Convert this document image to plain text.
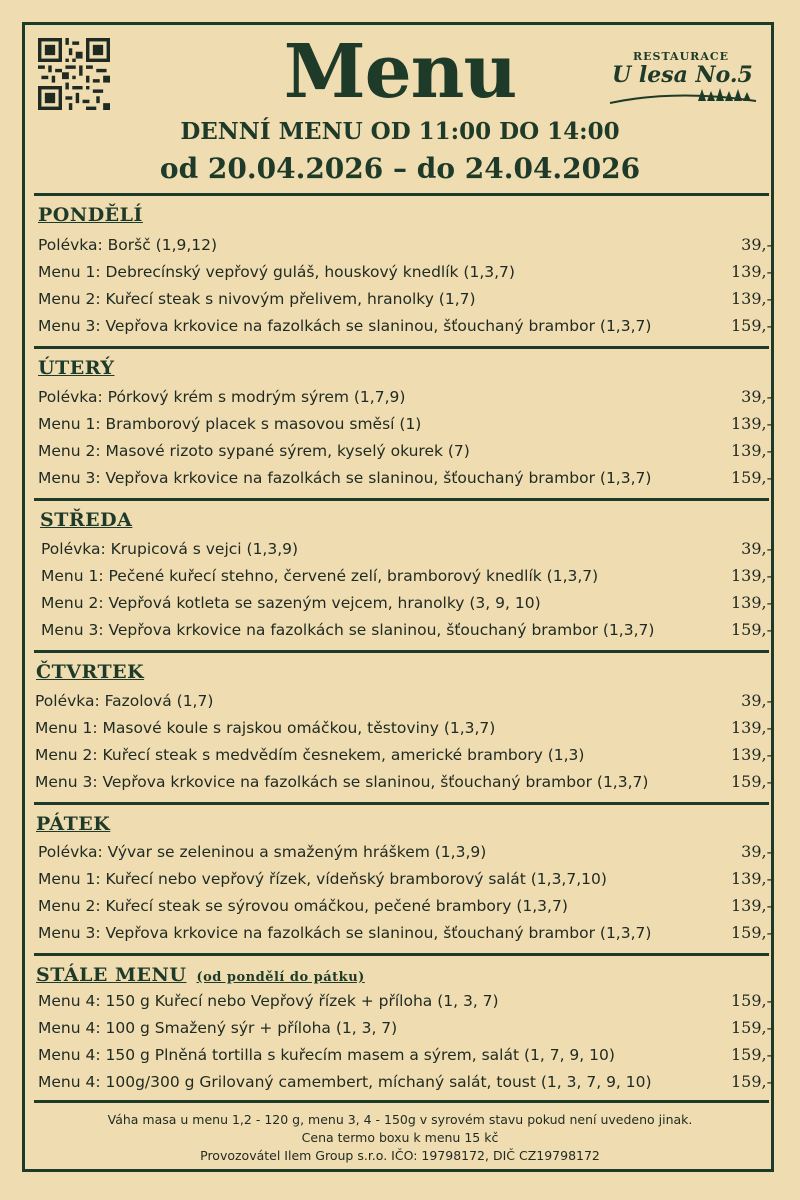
Menu	RESTAURACE
U lesa No.5
DENNÍ MENU OD 11:00 DO 14:00
od 20.04.2026 – do 24.04.2026
PONDĚLÍ
Polévka: Boršč (1,9,12)	39,-
Menu 1: Debrecínský vepřový guláš, houskový knedlík (1,3,7)	139,-
Menu 2: Kuřecí steak s nivovým přelivem, hranolky (1,7)	139,-
Menu 3: Vepřova krkovice na fazolkách se slaninou, šťouchaný brambor (1,3,7)	159,-
ÚTERÝ
Polévka: Pórkový krém s modrým sýrem (1,7,9)	39,-
Menu 1: Bramborový placek s masovou směsí (1)	139,-
Menu 2: Masové rizoto sypané sýrem, kyselý okurek (7)	139,-
Menu 3: Vepřova krkovice na fazolkách se slaninou, šťouchaný brambor (1,3,7)	159,-
STŘEDA
Polévka: Krupicová s vejci (1,3,9)	39,-
Menu 1: Pečené kuřecí stehno, červené zelí, bramborový knedlík (1,3,7)	139,-
Menu 2: Vepřová kotleta se sazeným vejcem, hranolky (3, 9, 10)	139,-
Menu 3: Vepřova krkovice na fazolkách se slaninou, šťouchaný brambor (1,3,7)	159,-
ČTVRTEK
Polévka: Fazolová (1,7)	39,-
Menu 1: Masové koule s rajskou omáčkou, těstoviny (1,3,7)	139,-
Menu 2: Kuřecí steak s medvědím česnekem, americké brambory (1,3)	139,-
Menu 3: Vepřova krkovice na fazolkách se slaninou, šťouchaný brambor (1,3,7)	159,-
PÁTEK
Polévka: Vývar se zeleninou a smaženým hráškem (1,3,9)	39,-
Menu 1: Kuřecí nebo vepřový řízek, vídeňský bramborový salát (1,3,7,10)	139,-
Menu 2: Kuřecí steak se sýrovou omáčkou, pečené brambory (1,3,7)	139,-
Menu 3: Vepřova krkovice na fazolkách se slaninou, šťouchaný brambor (1,3,7)	159,-
STÁLE MENU (od pondělí do pátku)
Menu 4: 150 g Kuřecí nebo Vepřový řízek + příloha (1, 3, 7)	159,-
Menu 4: 100 g Smažený sýr + příloha (1, 3, 7)	159,-
Menu 4: 150 g Plněná tortilla s kuřecím masem a sýrem, salát (1, 7, 9, 10)	159,-
Menu 4: 100g/300 g Grilovaný camembert, míchaný salát, toust (1, 3, 7, 9, 10)	159,-
Váha masa u menu 1,2 - 120 g, menu 3, 4 - 150g v syrovém stavu pokud není uvedeno jinak.
Cena termo boxu k menu 15 kč
Provozovátel Ilem Group s.r.o. IČO: 19798172, DIČ CZ19798172
